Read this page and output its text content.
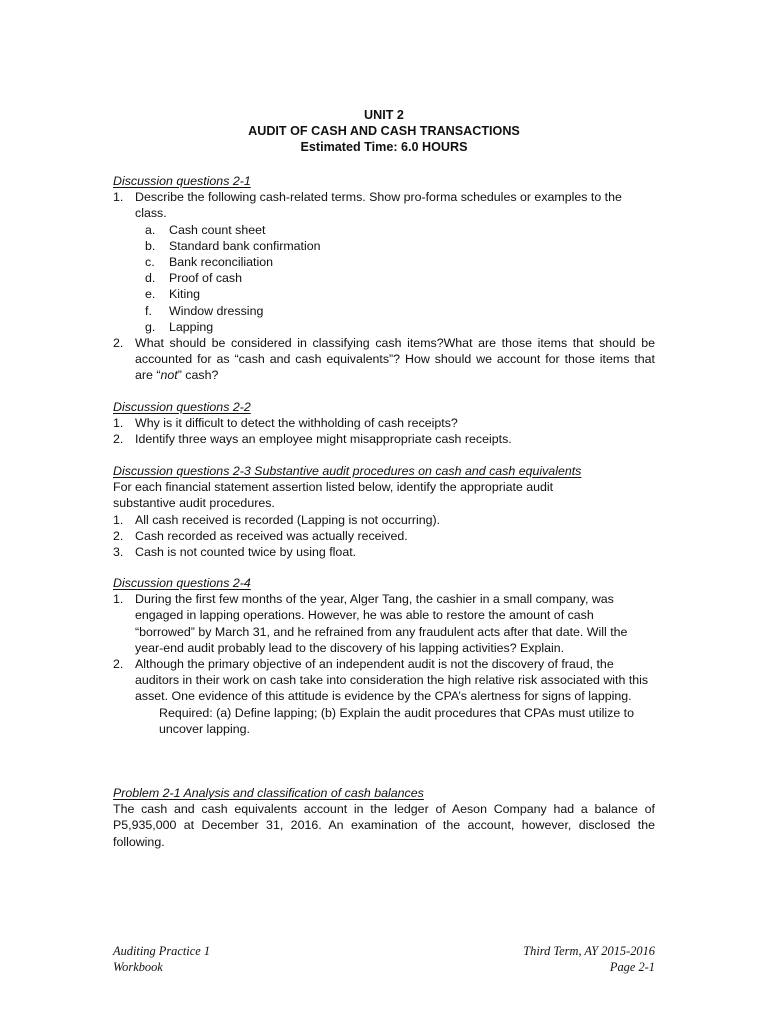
UNIT 2
AUDIT OF CASH AND CASH TRANSACTIONS
Estimated Time: 6.0 HOURS
Discussion questions 2-1
1. Describe the following cash-related terms. Show pro-forma schedules or examples to the class.
a. Cash count sheet
b. Standard bank confirmation
c. Bank reconciliation
d. Proof of cash
e. Kiting
f. Window dressing
g. Lapping
2. What should be considered in classifying cash items?What are those items that should be accounted for as “cash and cash equivalents”? How should we account for those items that are “not” cash?
Discussion questions 2-2
1. Why is it difficult to detect the withholding of cash receipts?
2. Identify three ways an employee might misappropriate cash receipts.
Discussion questions 2-3 Substantive audit procedures on cash and cash equivalents

For each financial statement assertion listed below, identify the appropriate audit substantive audit procedures.

1. All cash received is recorded (Lapping is not occurring).
2. Cash recorded as received was actually received.
3. Cash is not counted twice by using float.
Discussion questions 2-4
1. During the first few months of the year, Alger Tang, the cashier in a small company, was engaged in lapping operations. However, he was able to restore the amount of cash “borrowed” by March 31, and he refrained from any fraudulent acts after that date. Will the year-end audit probably lead to the discovery of his lapping activities? Explain.
2. Although the primary objective of an independent audit is not the discovery of fraud, the auditors in their work on cash take into consideration the high relative risk associated with this asset. One evidence of this attitude is evidence by the CPA’s alertness for signs of lapping.
Required: (a) Define lapping; (b) Explain the audit procedures that CPAs must utilize to uncover lapping.
Problem 2-1 Analysis and classification of cash balances

The cash and cash equivalents account in the ledger of Aeson Company had a balance of P5,935,000 at December 31, 2016. An examination of the account, however, disclosed the following.

Auditing Practice 1
Workbook
Third Term, AY 2015-2016
Page 2-1
